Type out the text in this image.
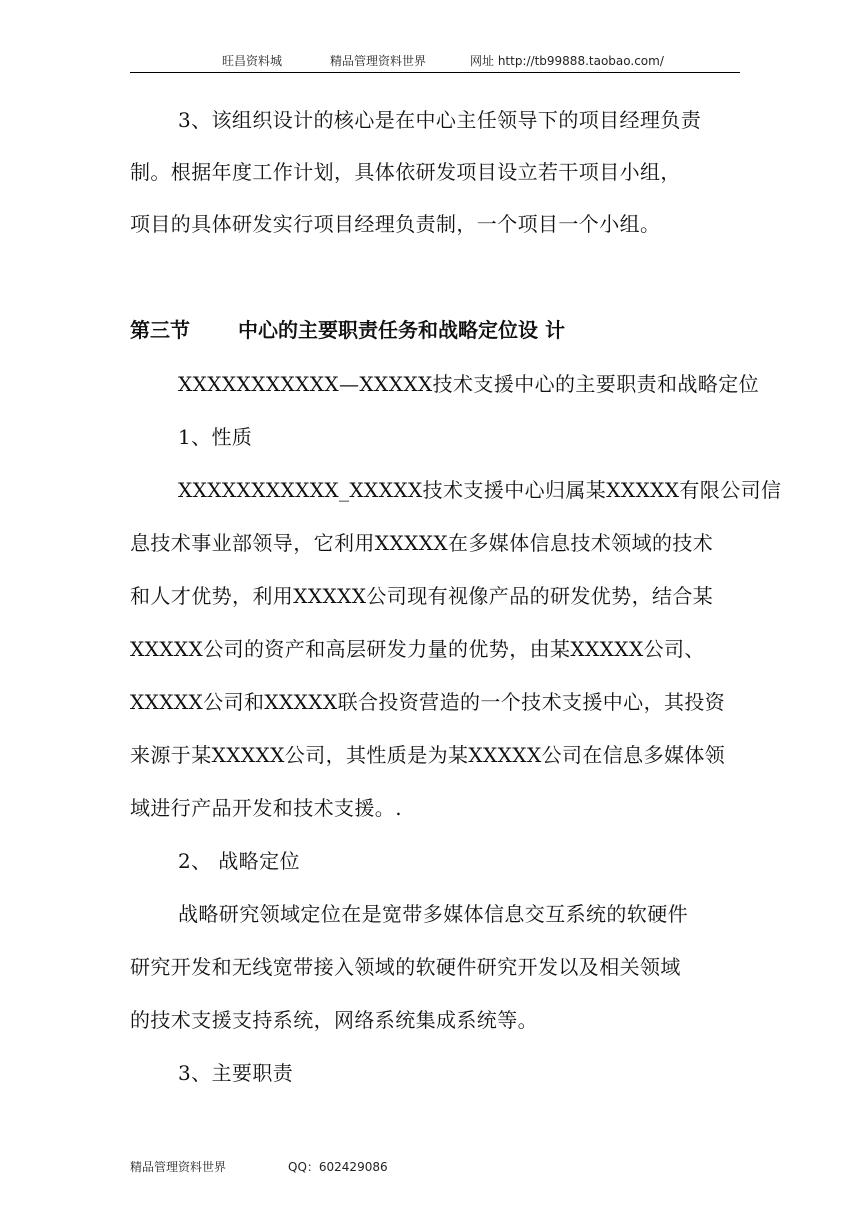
旺昌资料城	精品管理资料世界	网址 http://tb99888.taobao.com/
3、该组织设计的核心是在中心主任领导下的项目经理负责
制。根据年度工作计划，具体依研发项目设立若干项目小组，
项目的具体研发实行项目经理负责制，一个项目一个小组。
第三节 中心的主要职责任务和战略定位设 计
XXXXXXXXXXX—XXXXX技术支援中心的主要职责和战略定位
1、性质
XXXXXXXXXXX_XXXXX技术支援中心归属某XXXXX有限公司信
息技术事业部领导，它利用XXXXX在多媒体信息技术领域的技术
和人才优势，利用XXXXX公司现有视像产品的研发优势，结合某
XXXXX公司的资产和高层研发力量的优势，由某XXXXX公司、
XXXXX公司和XXXXX联合投资营造的一个技术支援中心，其投资
来源于某XXXXX公司，其性质是为某XXXXX公司在信息多媒体领
域进行产品开发和技术支援。.
2、 战略定位
战略研究领域定位在是宽带多媒体信息交互系统的软硬件
研究开发和无线宽带接入领域的软硬件研究开发以及相关领域
的技术支援支持系统，网络系统集成系统等。
3、主要职责
精品管理资料世界	QQ：602429086
